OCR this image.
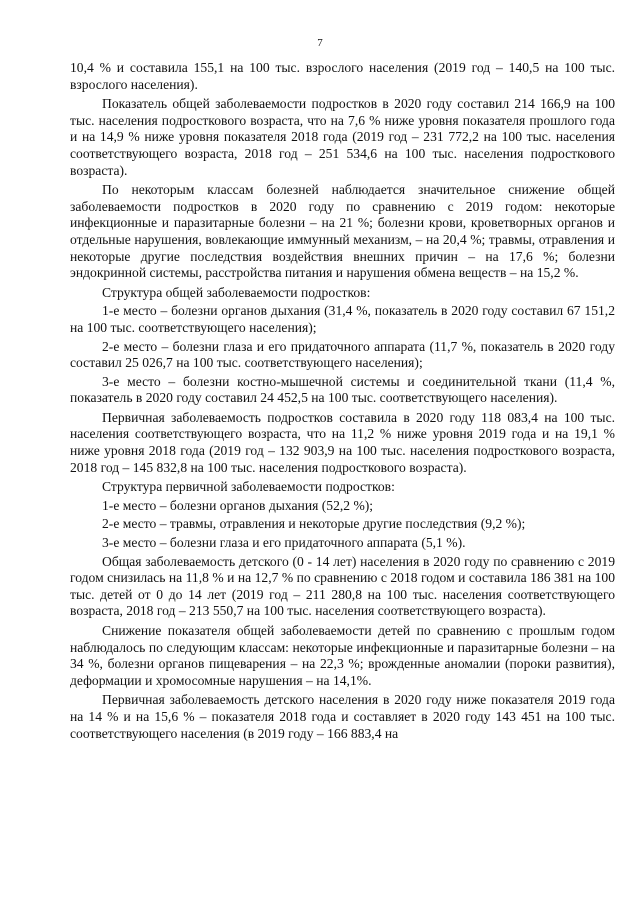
7

10,4 % и составила 155,1 на 100 тыс. взрослого населения (2019 год – 140,5 на 100 тыс. взрослого населения).

Показатель общей заболеваемости подростков в 2020 году составил 214 166,9 на 100 тыс. населения подросткового возраста, что на 7,6 % ниже уровня показателя прошлого года и на 14,9 % ниже уровня показателя 2018 года (2019 год – 231 772,2 на 100 тыс. населения соответствующего возраста, 2018 год – 251 534,6 на 100 тыс. населения подросткового возраста).

По некоторым классам болезней наблюдается значительное снижение общей заболеваемости подростков в 2020 году по сравнению с 2019 годом: некоторые инфекционные и паразитарные болезни – на 21 %; болезни крови, кроветворных органов и отдельные нарушения, вовлекающие иммунный механизм, – на 20,4 %; травмы, отравления и некоторые другие последствия воздействия внешних причин – на 17,6 %; болезни эндокринной системы, расстройства питания и нарушения обмена веществ – на 15,2 %.

Структура общей заболеваемости подростков:

1-е место – болезни органов дыхания (31,4 %, показатель в 2020 году составил 67 151,2 на 100 тыс. соответствующего населения);

2-е место – болезни глаза и его придаточного аппарата (11,7 %, показатель в 2020 году составил 25 026,7 на 100 тыс. соответствующего населения);

3-е место – болезни костно-мышечной системы и соединительной ткани (11,4 %, показатель в 2020 году составил 24 452,5 на 100 тыс. соответствующего населения).

Первичная заболеваемость подростков составила в 2020 году 118 083,4 на 100 тыс. населения соответствующего возраста, что на 11,2 % ниже уровня 2019 года и на 19,1 % ниже уровня 2018 года (2019 год – 132 903,9 на 100 тыс. населения подросткового возраста, 2018 год – 145 832,8 на 100 тыс. населения подросткового возраста).

Структура первичной заболеваемости подростков:

1-е место – болезни органов дыхания (52,2 %);

2-е место – травмы, отравления и некоторые другие последствия (9,2 %);

3-е место – болезни глаза и его придаточного аппарата (5,1 %).

Общая заболеваемость детского (0 - 14 лет) населения в 2020 году по сравнению с 2019 годом снизилась на 11,8 % и на 12,7 % по сравнению с 2018 годом и составила 186 381 на 100 тыс. детей от 0 до 14 лет (2019 год – 211 280,8 на 100 тыс. населения соответствующего возраста, 2018 год – 213 550,7 на 100 тыс. населения соответствующего возраста).

Снижение показателя общей заболеваемости детей по сравнению с прошлым годом наблюдалось по следующим классам: некоторые инфекционные и паразитарные болезни – на 34 %, болезни органов пищеварения – на 22,3 %; врожденные аномалии (пороки развития), деформации и хромосомные нарушения – на 14,1%.

Первичная заболеваемость детского населения в 2020 году ниже показателя 2019 года на 14 % и на 15,6 % – показателя 2018 года и составляет в 2020 году 143 451 на 100 тыс. соответствующего населения (в 2019 году – 166 883,4 на
